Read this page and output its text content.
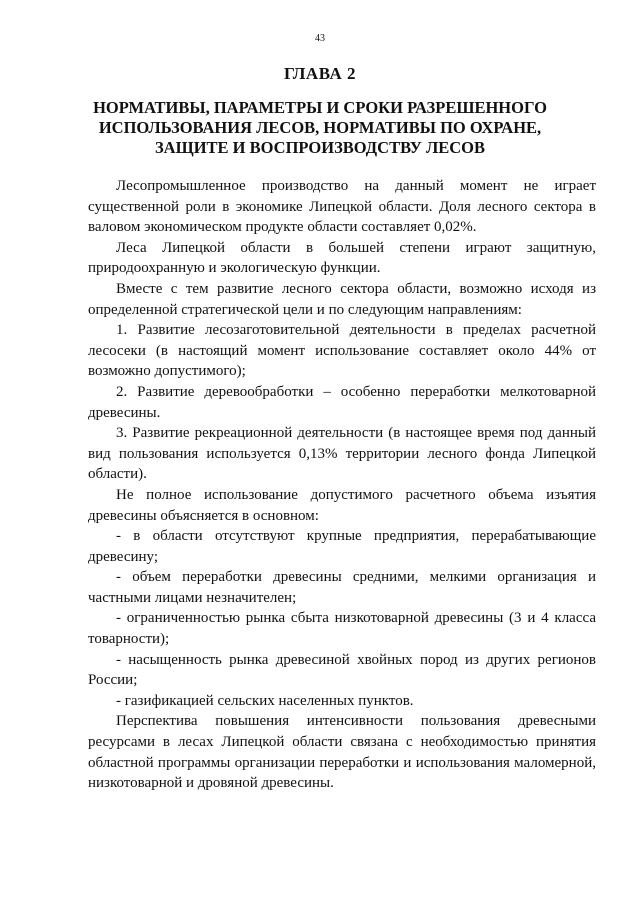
43
ГЛАВА 2
НОРМАТИВЫ, ПАРАМЕТРЫ И СРОКИ РАЗРЕШЕННОГО
ИСПОЛЬЗОВАНИЯ ЛЕСОВ, НОРМАТИВЫ ПО ОХРАНЕ,
ЗАЩИТЕ И ВОСПРОИЗВОДСТВУ ЛЕСОВ

Лесопромышленное производство на данный момент не играет существенной роли в экономике Липецкой области. Доля лесного сектора в валовом экономическом продукте области составляет 0,02%.

Леса Липецкой области в большей степени играют защитную, природоохранную и экологическую функции.

Вместе с тем развитие лесного сектора области, возможно исходя из определенной стратегической цели и по следующим направлениям:

1. Развитие лесозаготовительной деятельности в пределах расчетной лесосеки (в настоящий момент использование составляет около 44% от возможно допустимого);

2. Развитие деревообработки – особенно переработки мелкотоварной древесины.

3. Развитие рекреационной деятельности (в настоящее время под данный вид пользования используется 0,13% территории лесного фонда Липецкой области).

Не полное использование допустимого расчетного объема изъятия древесины объясняется в основном:

- в области отсутствуют крупные предприятия, перерабатывающие древесину;

- объем переработки древесины средними, мелкими организация и частными лицами незначителен;

- ограниченностью рынка сбыта низкотоварной древесины (3 и 4 класса товарности);

- насыщенность рынка древесиной хвойных пород из других регионов России;

- газификацией сельских населенных пунктов.

Перспектива повышения интенсивности пользования древесными ресурсами в лесах Липецкой области связана с необходимостью принятия областной программы организации переработки и использования маломерной, низкотоварной и дровяной древесины.
